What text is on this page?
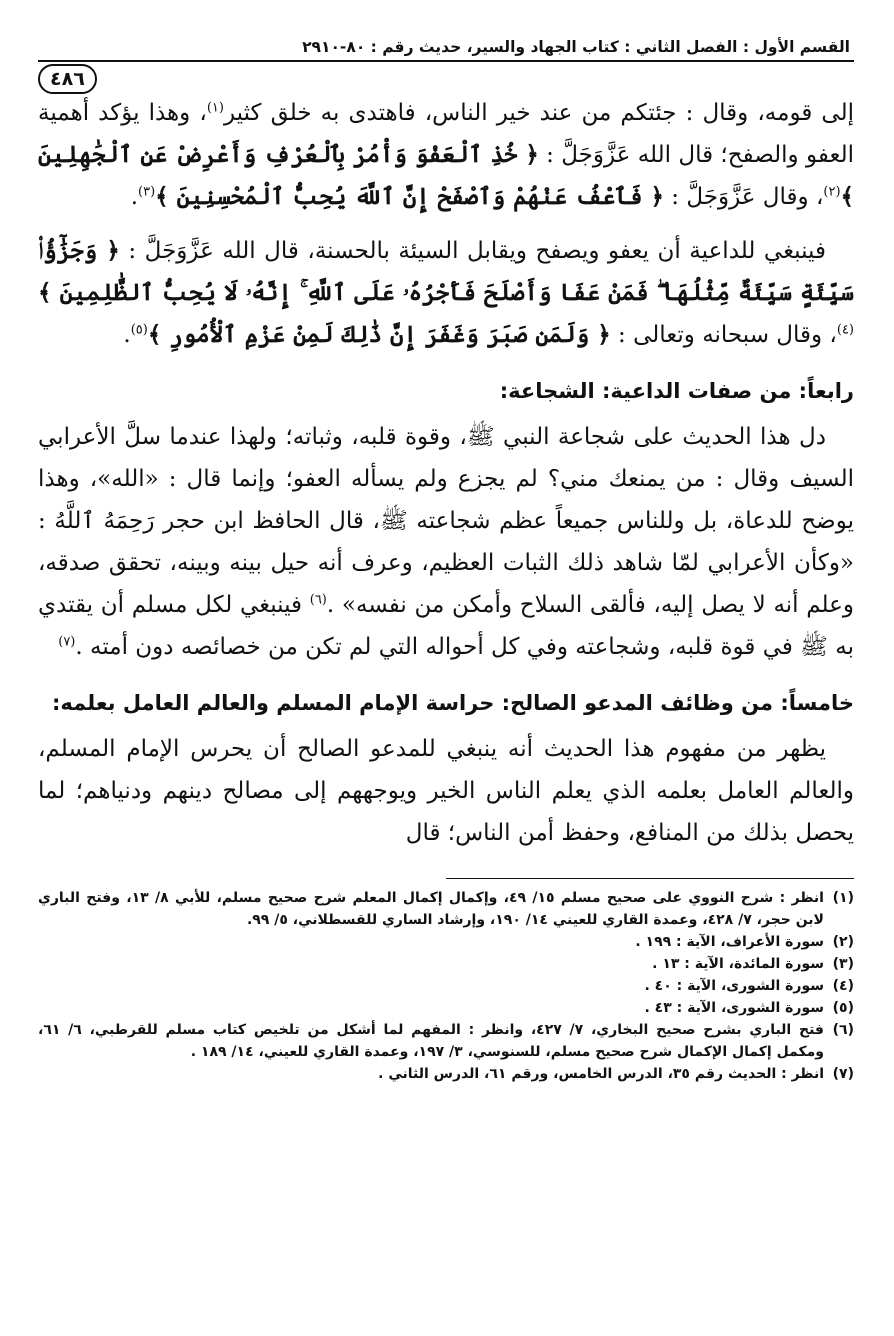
القسم الأول : الفصل الثاني : كتاب الجهاد والسير، حديث رقم : ٨٠-٢٩١٠
٤٨٦

إلى قومه، وقال : جئتكم من عند خير الناس، فاهتدى به خلق كثير$^{(١)}$، وهذا يؤكد أهمية العفو والصفح؛ قال الله عَزَّوَجَلَّ : ﴿ خُذِ ٱلْعَفْوَ وَأْمُرْ بِٱلْعُرْفِ وَأَعْرِضْ عَنِ ٱلْجَٰهِلِينَ ﴾$^{(٢)}$، وقال عَزَّوَجَلَّ : ﴿ فَٱعْفُ عَنْهُمْ وَٱصْفَحْ إِنَّ ٱللَّهَ يُحِبُّ ٱلْمُحْسِنِينَ ﴾$^{(٣)}$.

فينبغي للداعية أن يعفو ويصفح ويقابل السيئة بالحسنة، قال الله عَزَّوَجَلَّ : ﴿ وَجَزَٰٓؤُا۟ سَيِّئَةٍ سَيِّئَةٌ مِّثْلُهَا ۖ فَمَنْ عَفَا وَأَصْلَحَ فَأَجْرُهُۥ عَلَى ٱللَّهِ ۚ إِنَّهُۥ لَا يُحِبُّ ٱلظَّٰلِمِينَ ﴾$^{(٤)}$، وقال سبحانه وتعالى : ﴿ وَلَمَن صَبَرَ وَغَفَرَ إِنَّ ذَٰلِكَ لَمِنْ عَزْمِ ٱلْأُمُورِ ﴾$^{(٥)}$.

رابعاً: من صفات الداعية: الشجاعة:

دل هذا الحديث على شجاعة النبي ﷺ، وقوة قلبه، وثباته؛ ولهذا عندما سلَّ الأعرابي السيف وقال : من يمنعك مني؟ لم يجزع ولم يسأله العفو؛ وإنما قال : «الله»، وهذا يوضح للدعاة، بل وللناس جميعاً عظم شجاعته ﷺ، قال الحافظ ابن حجر رَحِمَهُ ٱللَّهُ : «وكأن الأعرابي لمّا شاهد ذلك الثبات العظيم، وعرف أنه حيل بينه وبينه، تحقق صدقه، وعلم أنه لا يصل إليه، فألقى السلاح وأمكن من نفسه» .$^{(٦)}$ فينبغي لكل مسلم أن يقتدي به ﷺ في قوة قلبه، وشجاعته وفي كل أحواله التي لم تكن من خصائصه دون أمته .$^{(٧)}$

خامساً: من وظائف المدعو الصالح: حراسة الإمام المسلم والعالم العامل بعلمه:

يظهر من مفهوم هذا الحديث أنه ينبغي للمدعو الصالح أن يحرس الإمام المسلم، والعالم العامل بعلمه الذي يعلم الناس الخير ويوجههم إلى مصالح دينهم ودنياهم؛ لما يحصل بذلك من المنافع، وحفظ أمن الناس؛ قال

(١)
انظر : شرح النووي على صحيح مسلم ١٥/ ٤٩، وإكمال إكمال المعلم شرح صحيح مسلم، للأبي ٨/ ١٣، وفتح الباري لابن حجر، ٧/ ٤٢٨، وعمدة القاري للعيني ١٤/ ١٩٠، وإرشاد الساري للقسطلاني، ٥/ ٩٩.
(٢)
سورة الأعراف، الآية : ١٩٩ .
(٣)
سورة المائدة، الآية : ١٣ .
(٤)
سورة الشورى، الآية : ٤٠ .
(٥)
سورة الشورى، الآية : ٤٣ .
(٦)
فتح الباري بشرح صحيح البخاري، ٧/ ٤٢٧، وانظر : المفهم لما أشكل من تلخيص كتاب مسلم للقرطبي، ٦/ ٦١، ومكمل إكمال الإكمال شرح صحيح مسلم، للسنوسي، ٣/ ١٩٧، وعمدة القاري للعيني، ١٤/ ١٨٩ .
(٧)
انظر : الحديث رقم ٣٥، الدرس الخامس، ورقم ٦١، الدرس الثاني .
